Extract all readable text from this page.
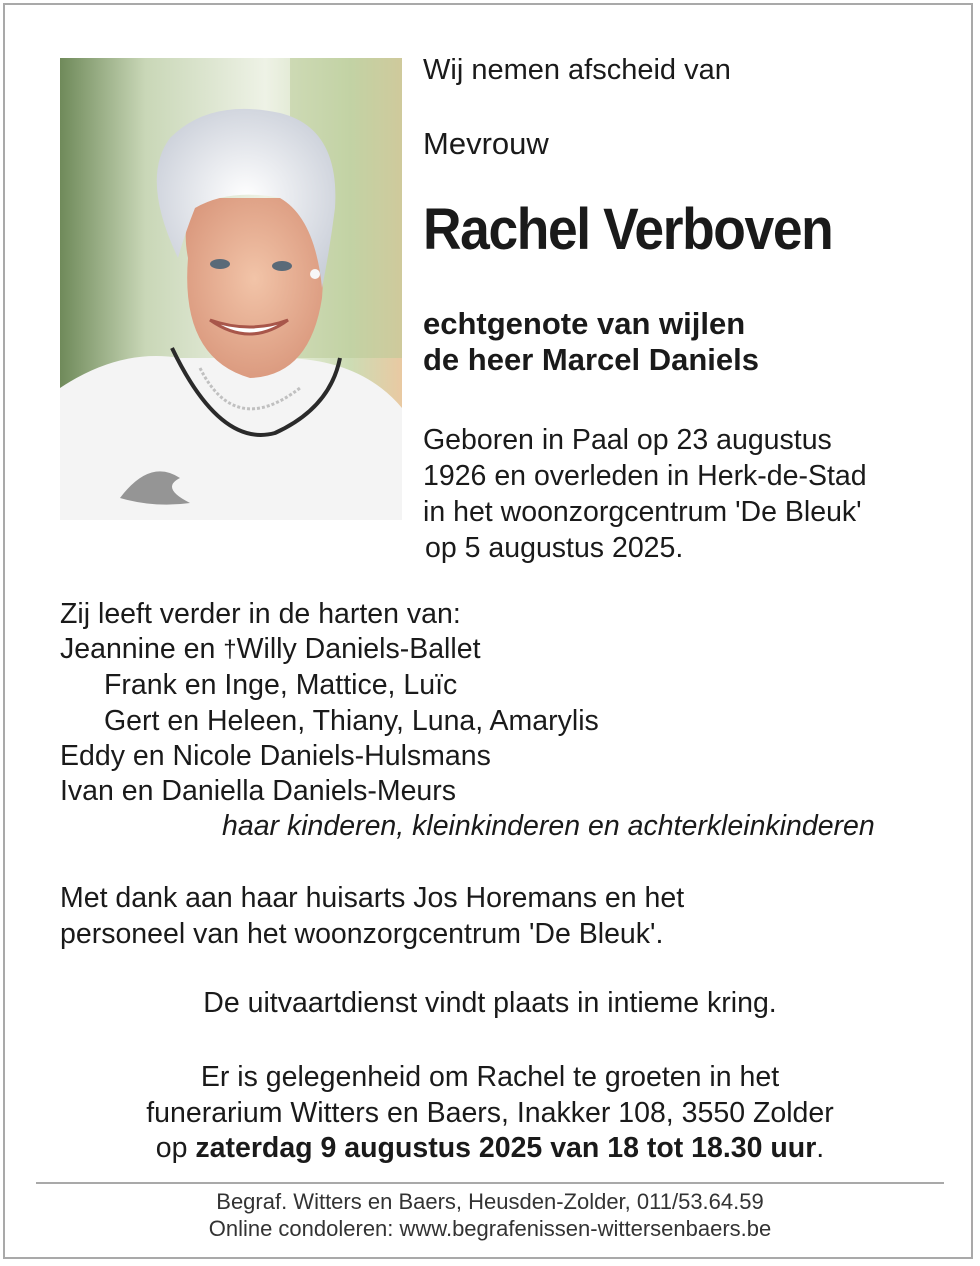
Wij nemen afscheid van
Mevrouw
Rachel Verboven
echtgenote van wijlen
de heer Marcel Daniels
Geboren in Paal op 23 augustus
1926 en overleden in Herk-de-Stad
in het woonzorgcentrum 'De Bleuk'
op 5 augustus 2025.
Zij leeft verder in de harten van:
Jeannine en †Willy Daniels-Ballet
Frank en Inge, Mattice, Luïc
Gert en Heleen, Thiany, Luna, Amarylis
Eddy en Nicole Daniels-Hulsmans
Ivan en Daniella Daniels-Meurs
haar kinderen, kleinkinderen en achterkleinkinderen
Met dank aan haar huisarts Jos Horemans en het
personeel van het woonzorgcentrum 'De Bleuk'.
De uitvaartdienst vindt plaats in intieme kring.
Er is gelegenheid om Rachel te groeten in het
funerarium Witters en Baers, Inakker 108, 3550 Zolder
op zaterdag 9 augustus 2025 van 18 tot 18.30 uur.
Begraf. Witters en Baers, Heusden-Zolder, 011/53.64.59
Online condoleren: www.begrafenissen-wittersenbaers.be
